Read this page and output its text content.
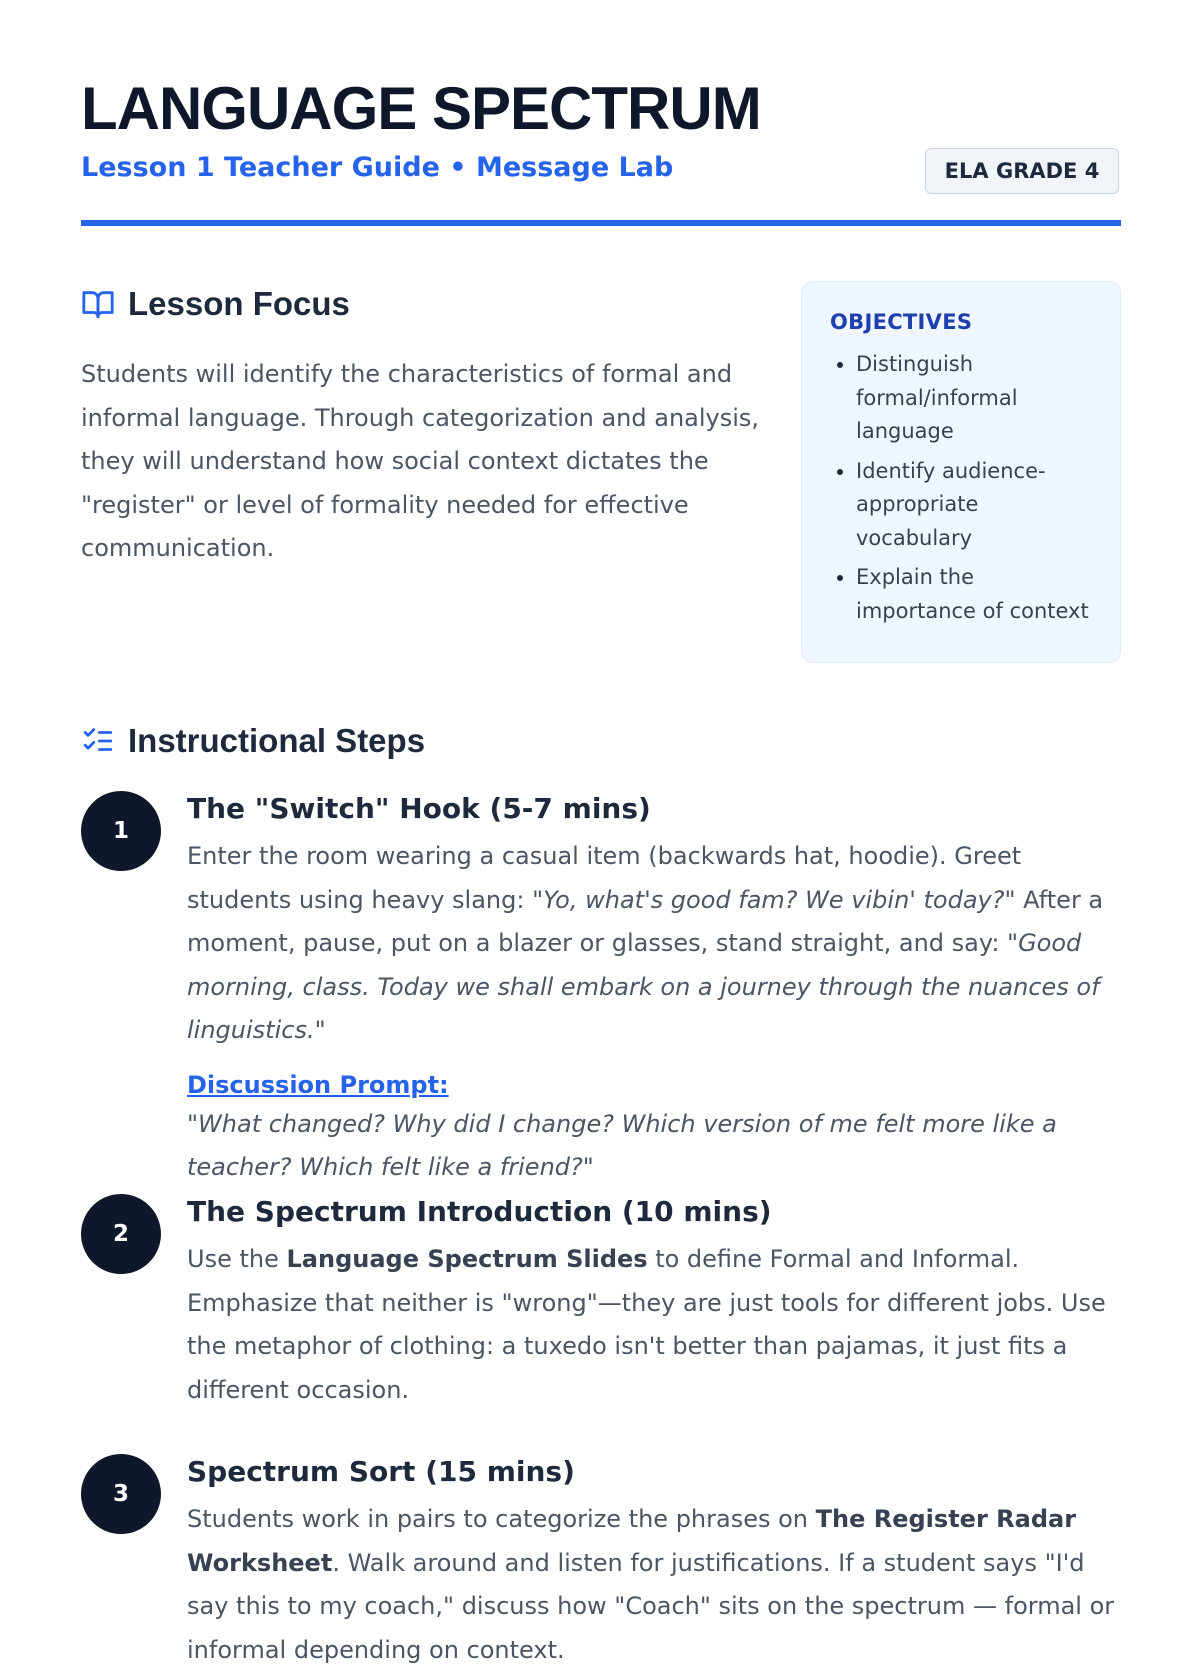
LANGUAGE SPECTRUM
Lesson 1 Teacher Guide • Message Lab	ELA GRADE 4
Lesson Focus

Students will identify the characteristics of formal and informal language. Through categorization and analysis, they will understand how social context dictates the "register" or level of formality needed for effective communication.

OBJECTIVES
• Distinguish formal/informal language
• Identify audience-appropriate vocabulary
• Explain the importance of context
Instructional Steps
1
The "Switch" Hook (5-7 mins)

Enter the room wearing a casual item (backwards hat, hoodie). Greet students using heavy slang: "Yo, what's good fam? We vibin' today?" After a moment, pause, put on a blazer or glasses, stand straight, and say: "Good morning, class. Today we shall embark on a journey through the nuances of linguistics."

Discussion Prompt:

"What changed? Why did I change? Which version of me felt more like a teacher? Which felt like a friend?"

2
The Spectrum Introduction (10 mins)

Use the Language Spectrum Slides to define Formal and Informal. Emphasize that neither is "wrong"—they are just tools for different jobs. Use the metaphor of clothing: a tuxedo isn't better than pajamas, it just fits a different occasion.

3
Spectrum Sort (15 mins)

Students work in pairs to categorize the phrases on The Register Radar Worksheet. Walk around and listen for justifications. If a student says "I'd say this to my coach," discuss how "Coach" sits on the spectrum — formal or informal depending on context.
